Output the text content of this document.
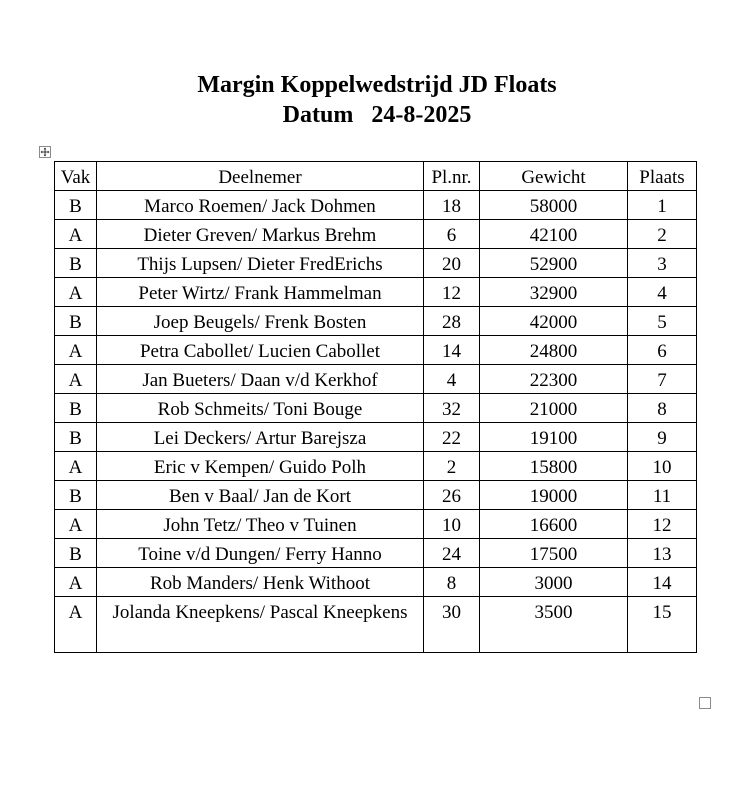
Margin Koppelwedstrijd JD Floats
Datum   24-8-2025
Vak	Deelnemer	Pl.nr.	Gewicht	Plaats
B	Marco Roemen/ Jack Dohmen	18	58000	1
A	Dieter Greven/ Markus Brehm	6	42100	2
B	Thijs Lupsen/ Dieter FredErichs	20	52900	3
A	Peter Wirtz/ Frank Hammelman	12	32900	4
B	Joep Beugels/ Frenk Bosten	28	42000	5
A	Petra Cabollet/ Lucien Cabollet	14	24800	6
A	Jan Bueters/ Daan v/d Kerkhof	4	22300	7
B	Rob Schmeits/ Toni Bouge	32	21000	8
B	Lei Deckers/ Artur Barejsza	22	19100	9
A	Eric v Kempen/ Guido Polh	2	15800	10
B	Ben v Baal/ Jan de Kort	26	19000	11
A	John Tetz/ Theo v Tuinen	10	16600	12
B	Toine v/d Dungen/ Ferry Hanno	24	17500	13
A	Rob Manders/ Henk Withoot	8	3000	14
A	Jolanda Kneepkens/ Pascal Kneepkens	30	3500	15
